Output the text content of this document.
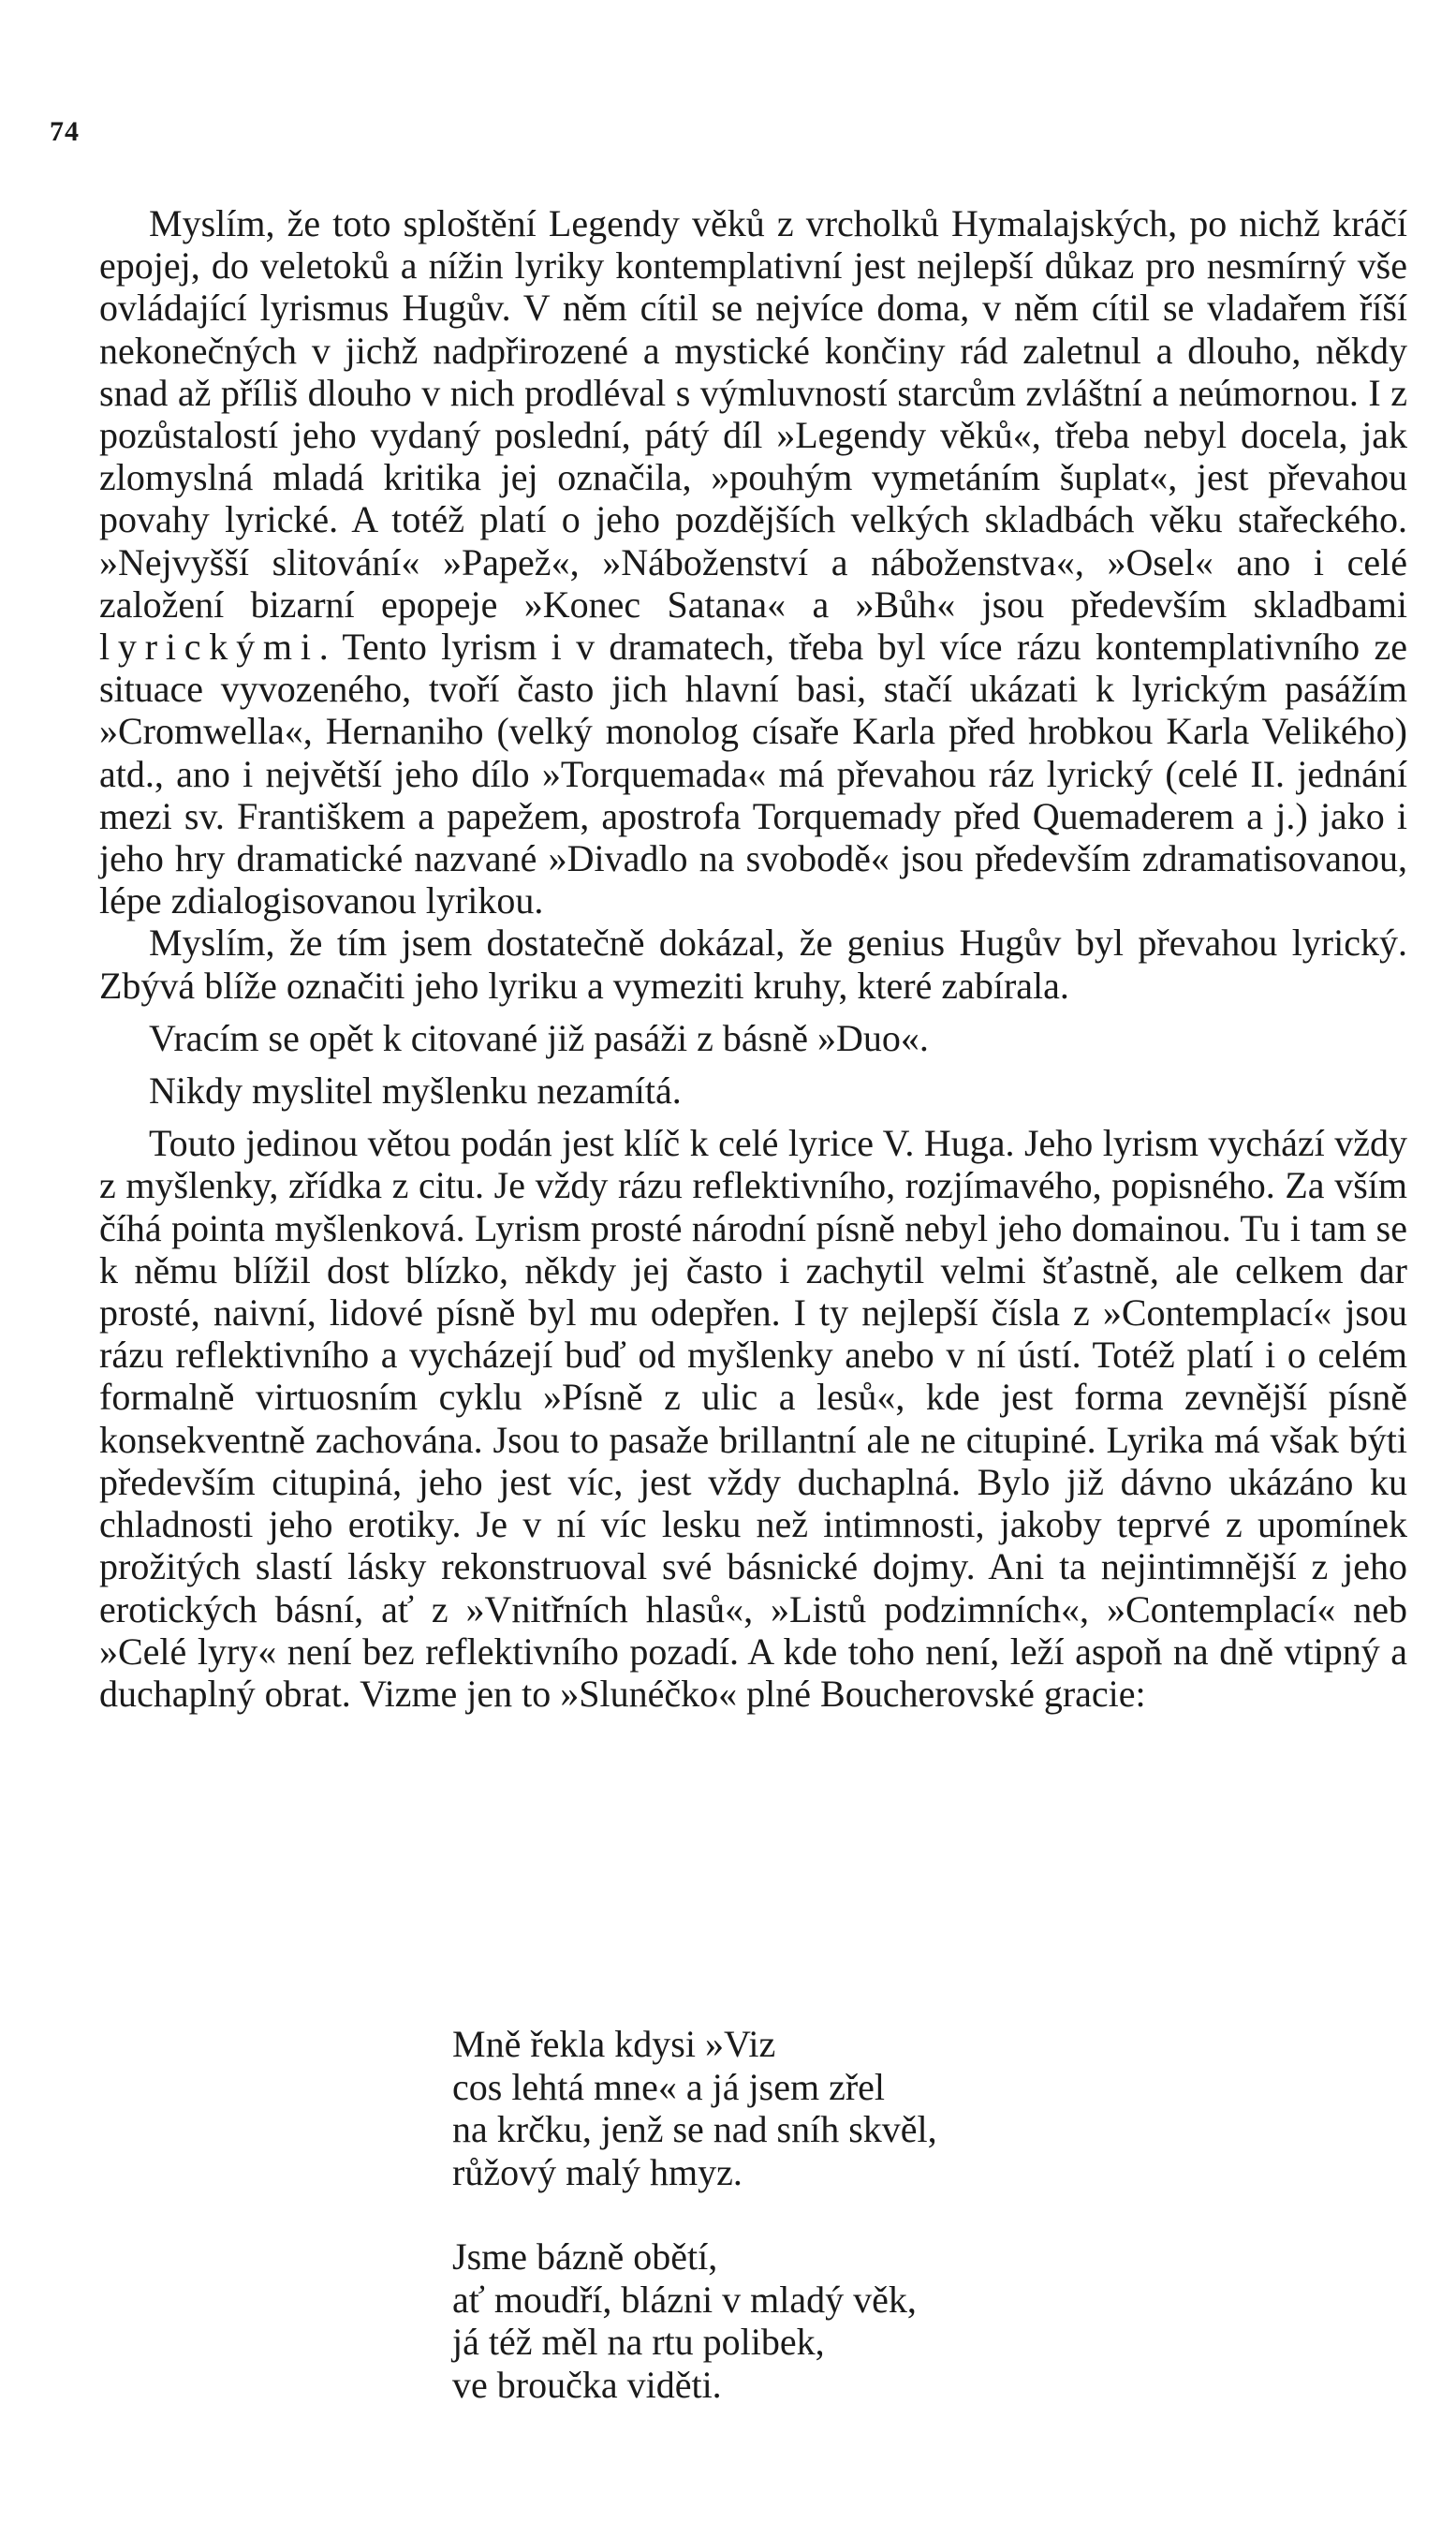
74

Myslím, že toto sploštění Legendy věků z vrcholků Hymalajských, po nichž kráčí epojej, do veletoků a nížin lyriky kontemplativní jest nejlepší důkaz pro nesmírný vše ovládající lyrismus Hugův. V něm cítil se nejvíce doma, v něm cítil se vladařem říší nekonečných v jichž nadpřirozené a mystické končiny rád zaletnul a dlouho, někdy snad až příliš dlouho v nich prodléval s výmluvností starcům zvláštní a neúmornou. I z pozůstalostí jeho vydaný poslední, pátý díl »Legendy věků«, třeba nebyl docela, jak zlomyslná mladá kritika jej označila, »pouhým vymetáním šuplat«, jest převahou povahy lyrické. A totéž platí o jeho pozdějších velkých skladbách věku stařeckého. »Nejvyšší slitování« »Papež«, »Náboženství a náboženstva«, »Osel« ano i celé založení bizarní epopeje »Konec Satana« a »Bůh« jsou především skladbami lyrickými. Tento lyrism i v dramatech, třeba byl více rázu kontemplativního ze situace vyvozeného, tvoří často jich hlavní basi, stačí ukázati k lyrickým pasážím »Cromwella«, Hernaniho (velký monolog císaře Karla před hrobkou Karla Velikého) atd., ano i největší jeho dílo »Torquemada« má převahou ráz lyrický (celé II. jednání mezi sv. Františkem a papežem, apostrofa Torquemady před Quemaderem a j.) jako i jeho hry dramatické nazvané »Divadlo na svobodě« jsou především zdramatisovanou, lépe zdialogisovanou lyrikou.

Myslím, že tím jsem dostatečně dokázal, že genius Hugův byl převahou lyrický. Zbývá blíže označiti jeho lyriku a vymeziti kruhy, které zabírala.

Vracím se opět k citované již pasáži z básně »Duo«.

Nikdy myslitel myšlenku nezamítá.

Touto jedinou větou podán jest klíč k celé lyrice V. Huga. Jeho lyrism vychází vždy z myšlenky, zřídka z citu. Je vždy rázu reflektivního, rozjímavého, popisného. Za vším číhá pointa myšlenková. Lyrism prosté národní písně nebyl jeho domainou. Tu i tam se k němu blížil dost blízko, někdy jej často i zachytil velmi šťastně, ale celkem dar prosté, naivní, lidové písně byl mu odepřen. I ty nejlepší čísla z »Contemplací« jsou rázu reflektivního a vycházejí buď od myšlenky anebo v ní ústí. Totéž platí i o celém formalně virtuosním cyklu »Písně z ulic a lesů«, kde jest forma zevnější písně konsekventně zachována. Jsou to pasaže brillantní ale ne citupiné. Lyrika má však býti především citupiná, jeho jest víc, jest vždy duchaplná. Bylo již dávno ukázáno ku chladnosti jeho erotiky. Je v ní víc lesku než intimnosti, jakoby teprvé z upomínek prožitých slastí lásky rekonstruoval své básnické dojmy. Ani ta nejintimnější z jeho erotických básní, ať z »Vnitřních hlasů«, »Listů podzimních«, »Contemplací« neb »Celé lyry« není bez reflektivního pozadí. A kde toho není, leží aspoň na dně vtipný a duchaplný obrat. Vizme jen to »Slunéčko« plné Boucherovské gracie:

Mně řekla kdysi »Viz
cos lehtá mne« a já jsem zřel
na krčku, jenž se nad sníh skvěl,
růžový malý hmyz.
Jsme bázně obětí,
ať moudří, blázni v mladý věk,
já též měl na rtu polibek,
ve broučka viděti.
